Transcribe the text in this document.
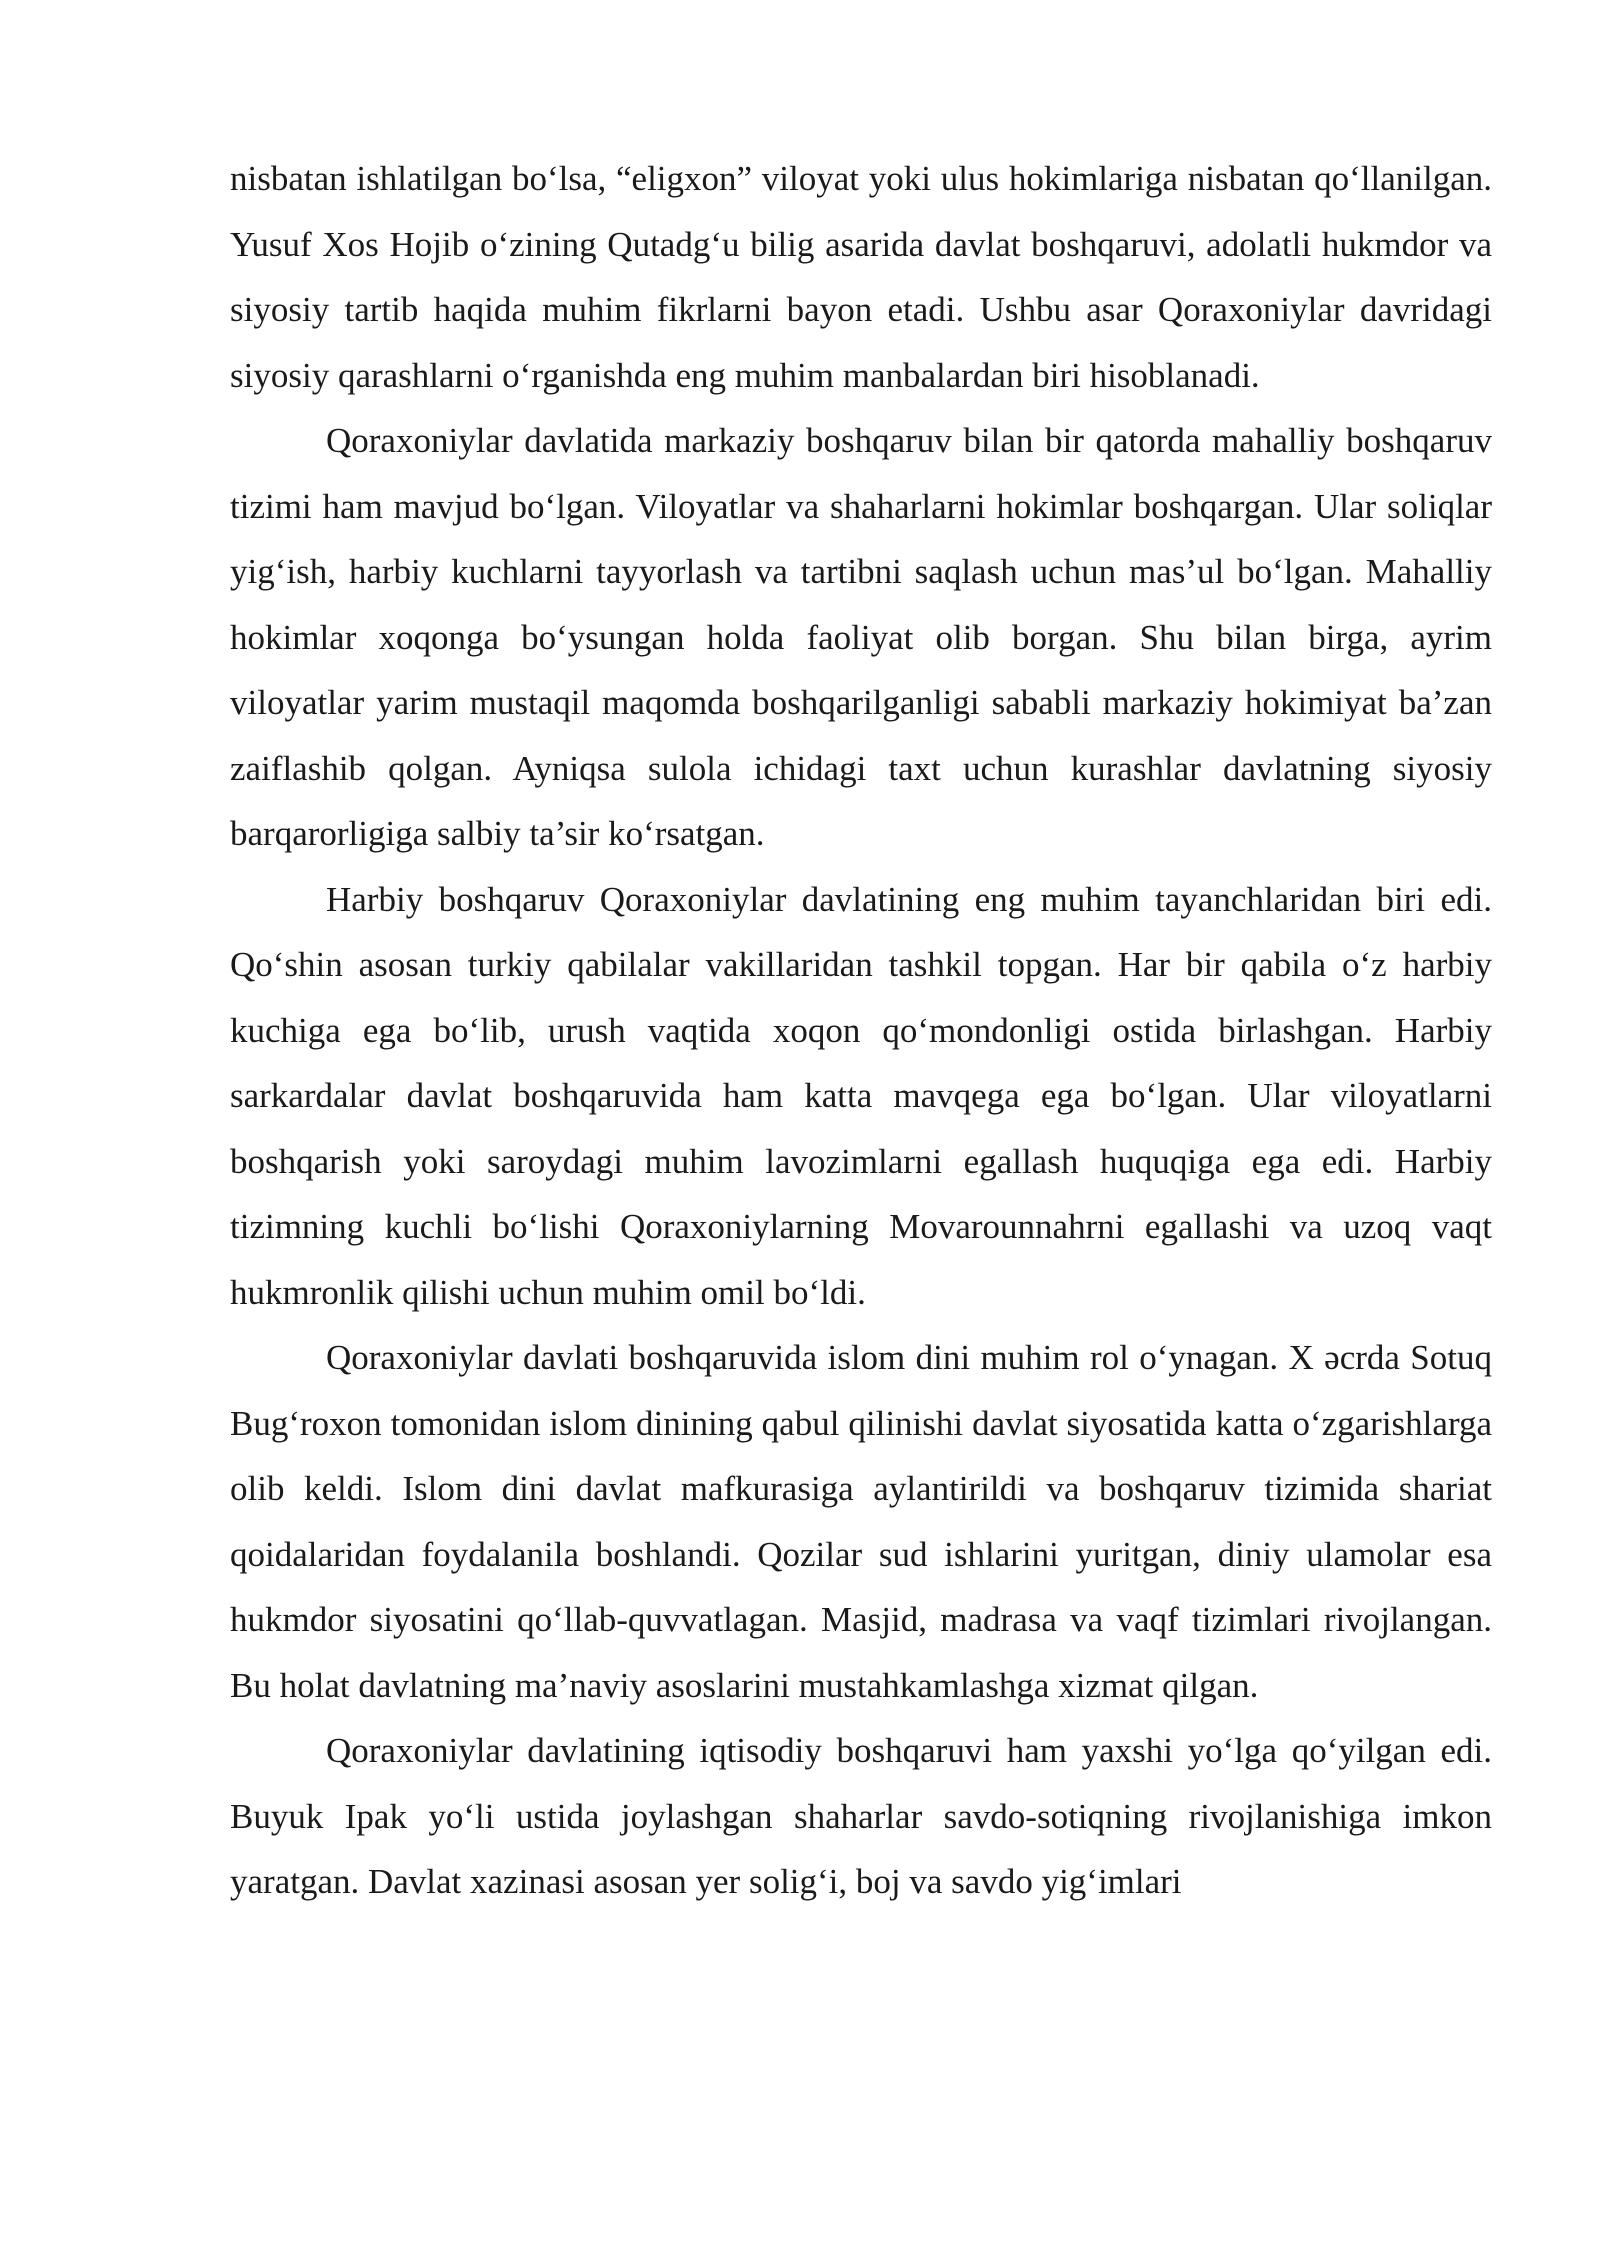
nisbatan ishlatilgan bo‘lsa, “eligxon” viloyat yoki ulus hokimlariga nisbatan qo‘llanilgan. Yusuf Xos Hojib o‘zining Qutadg‘u bilig asarida davlat boshqaruvi, adolatli hukmdor va siyosiy tartib haqida muhim fikrlarni bayon etadi. Ushbu asar Qoraxoniylar davridagi siyosiy qarashlarni o‘rganishda eng muhim manbalardan biri hisoblanadi.

Qoraxoniylar davlatida markaziy boshqaruv bilan bir qatorda mahalliy boshqaruv tizimi ham mavjud bo‘lgan. Viloyatlar va shaharlarni hokimlar boshqargan. Ular soliqlar yig‘ish, harbiy kuchlarni tayyorlash va tartibni saqlash uchun mas’ul bo‘lgan. Mahalliy hokimlar xoqonga bo‘ysungan holda faoliyat olib borgan. Shu bilan birga, ayrim viloyatlar yarim mustaqil maqomda boshqarilganligi sababli markaziy hokimiyat ba’zan zaiflashib qolgan. Ayniqsa sulola ichidagi taxt uchun kurashlar davlatning siyosiy barqarorligiga salbiy ta’sir ko‘rsatgan.

Harbiy boshqaruv Qoraxoniylar davlatining eng muhim tayanchlaridan biri edi. Qo‘shin asosan turkiy qabilalar vakillaridan tashkil topgan. Har bir qabila o‘z harbiy kuchiga ega bo‘lib, urush vaqtida xoqon qo‘mondonligi ostida birlashgan. Harbiy sarkardalar davlat boshqaruvida ham katta mavqega ega bo‘lgan. Ular viloyatlarni boshqarish yoki saroydagi muhim lavozimlarni egallash huquqiga ega edi. Harbiy tizimning kuchli bo‘lishi Qoraxoniylarning Movarounnahrni egallashi va uzoq vaqt hukmronlik qilishi uchun muhim omil bo‘ldi.

Qoraxoniylar davlati boshqaruvida islom dini muhim rol o‘ynagan. X əcrda Sotuq Bug‘roxon tomonidan islom dinining qabul qilinishi davlat siyosatida katta o‘zgarishlarga olib keldi. Islom dini davlat mafkurasiga aylantirildi va boshqaruv tizimida shariat qoidalaridan foydalanila boshlandi. Qozilar sud ishlarini yuritgan, diniy ulamolar esa hukmdor siyosatini qo‘llab-quvvatlagan. Masjid, madrasa va vaqf tizimlari rivojlangan. Bu holat davlatning ma’naviy asoslarini mustahkamlashga xizmat qilgan.

Qoraxoniylar davlatining iqtisodiy boshqaruvi ham yaxshi yo‘lga qo‘yilgan edi. Buyuk Ipak yo‘li ustida joylashgan shaharlar savdo-sotiqning rivojlanishiga imkon yaratgan. Davlat xazinasi asosan yer solig‘i, boj va savdo yig‘imlari
